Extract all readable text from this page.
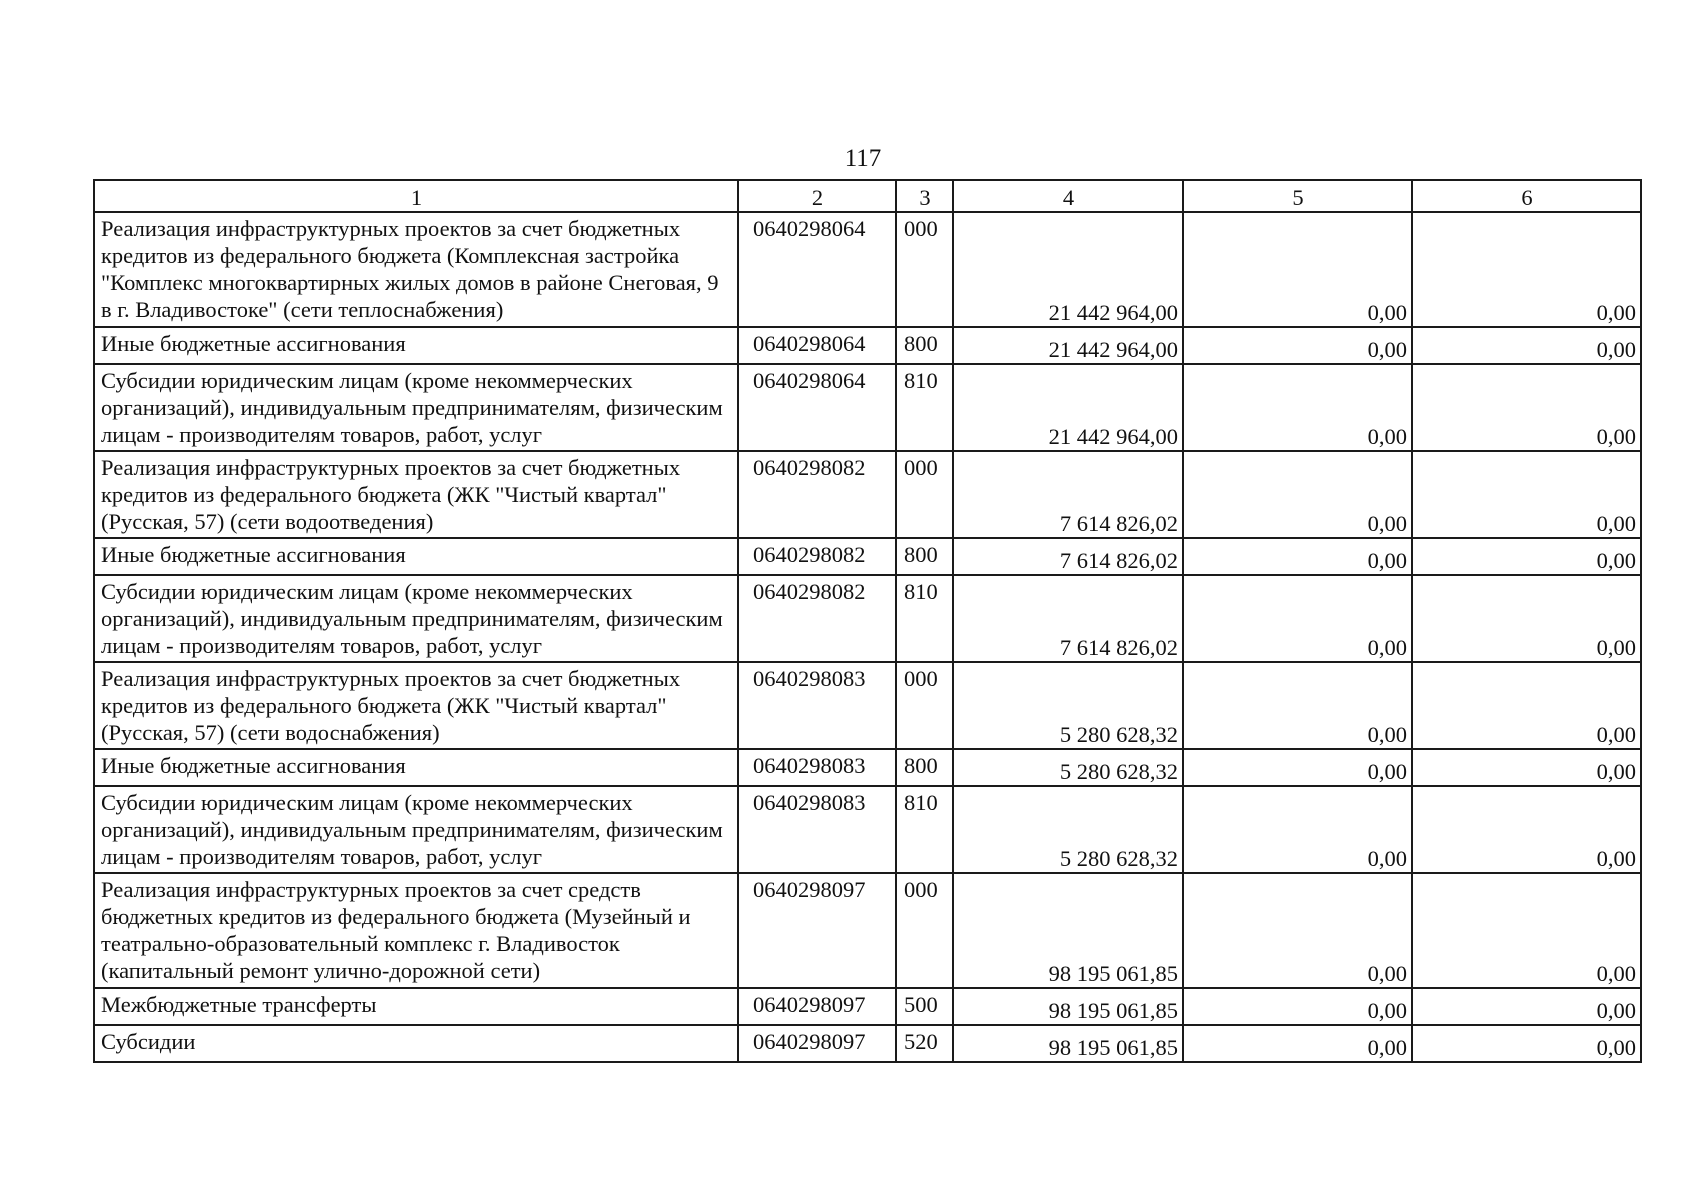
117
1	2	3	4	5	6
Реализация инфраструктурных проектов за счет бюджетных кредитов из федерального бюджета (Комплексная застройка "Комплекс многоквартирных жилых домов в районе Снеговая, 9 в г. Владивостоке" (сети теплоснабжения)	0640298064	000	21 442 964,00	0,00	0,00
Иные бюджетные ассигнования	0640298064	800	21 442 964,00	0,00	0,00
Субсидии юридическим лицам (кроме некоммерческих организаций), индивидуальным предпринимателям, физическим лицам - производителям товаров, работ, услуг	0640298064	810	21 442 964,00	0,00	0,00
Реализация инфраструктурных проектов за счет бюджетных кредитов из федерального бюджета (ЖК "Чистый квартал" (Русская, 57) (сети водоотведения)	0640298082	000	7 614 826,02	0,00	0,00
Иные бюджетные ассигнования	0640298082	800	7 614 826,02	0,00	0,00
Субсидии юридическим лицам (кроме некоммерческих организаций), индивидуальным предпринимателям, физическим лицам - производителям товаров, работ, услуг	0640298082	810	7 614 826,02	0,00	0,00
Реализация инфраструктурных проектов за счет бюджетных кредитов из федерального бюджета (ЖК "Чистый квартал" (Русская, 57) (сети водоснабжения)	0640298083	000	5 280 628,32	0,00	0,00
Иные бюджетные ассигнования	0640298083	800	5 280 628,32	0,00	0,00
Субсидии юридическим лицам (кроме некоммерческих организаций), индивидуальным предпринимателям, физическим лицам - производителям товаров, работ, услуг	0640298083	810	5 280 628,32	0,00	0,00
Реализация инфраструктурных проектов за счет средств бюджетных кредитов из федерального бюджета (Музейный и театрально-образовательный комплекс г. Владивосток (капитальный ремонт улично-дорожной сети)	0640298097	000	98 195 061,85	0,00	0,00
Межбюджетные трансферты	0640298097	500	98 195 061,85	0,00	0,00
Субсидии	0640298097	520	98 195 061,85	0,00	0,00
